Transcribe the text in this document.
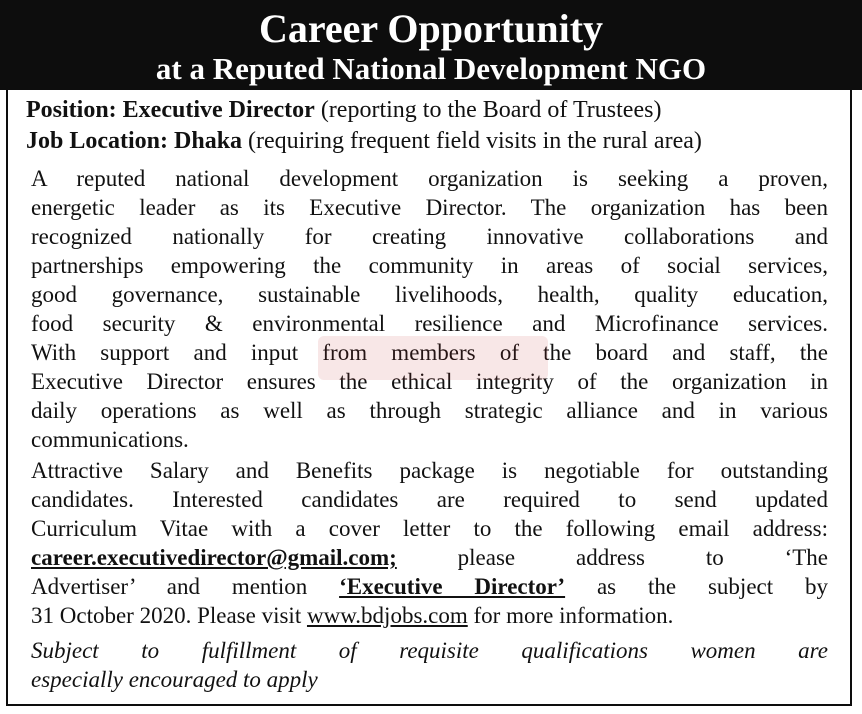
Career Opportunity
at a Reputed National Development NGO
Position: Executive Director (reporting to the Board of Trustees)
Job Location: Dhaka (requiring frequent field visits in the rural area)
A reputed national development organization is seeking a proven,
energetic leader as its Executive Director. The organization has been
recognized nationally for creating innovative collaborations and
partnerships empowering the community in areas of social services,
good governance, sustainable livelihoods, health, quality education,
food security & environmental resilience and Microfinance services.
With support and input from members of the board and staff, the
Executive Director ensures the ethical integrity of the organization in
daily operations as well as through strategic alliance and in various
communications.
Attractive Salary and Benefits package is negotiable for outstanding
candidates. Interested candidates are required to send updated
Curriculum Vitae with a cover letter to the following email address:
career.executivedirector@gmail.com;	please address to ‘The
Advertiser’ and mention ‘Executive Director’ as the subject by
31 October 2020. Please visit www.bdjobs.com for more information.
Subject to fulfillment of requisite qualifications women are
especially encouraged to apply
